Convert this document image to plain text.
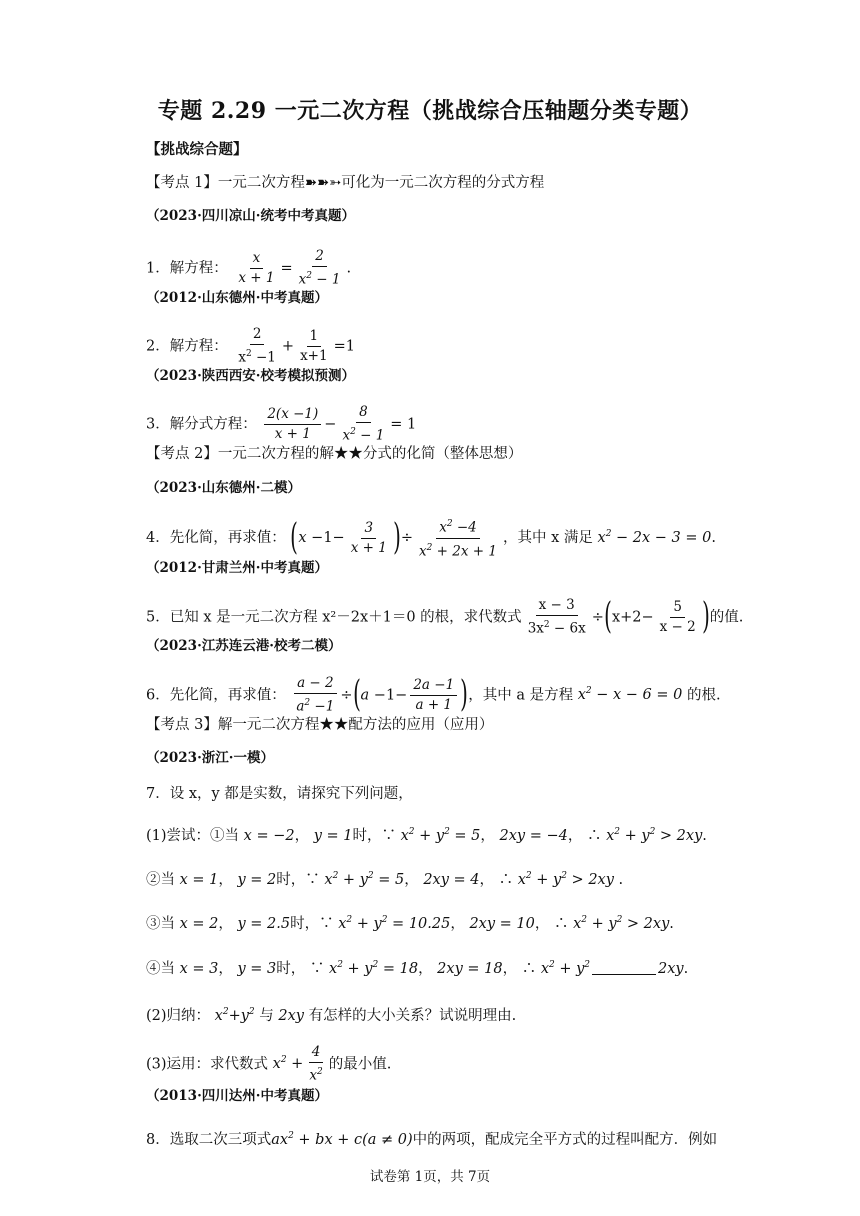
专题 2.29 一元二次方程（挑战综合压轴题分类专题）
【挑战综合题】
【考点 1】一元二次方程➽➽➳可化为一元二次方程的分式方程
（2023·四川凉山·统考中考真题）
1．解方程： $\frac{x}{x + 1} = \frac{2}{x^2 - 1}$ .
（2012·山东德州·中考真题）
2．解方程： $\frac{2}{x^2 -1} + \frac{1}{x+1} =1$
（2023·陕西西安·校考模拟预测）
3．解分式方程： $\frac{2(x -1)}{x + 1} - \frac{8}{x^2 - 1} = 1$
【考点 2】一元二次方程的解★★分式的化简（整体思想）
（2023·山东德州·二模）
4．先化简，再求值： ($x -1- \frac{3}{x + 1}$ )÷ $\frac{x^2 -4}{x^2 + 2x + 1}$ ，其中 x 满足 $x^2 - 2x - 3 = 0$.
（2012·甘肃兰州·中考真题）
5．已知 x 是一元二次方程 x²－2x＋1＝0 的根，求代数式 $\frac{x - 3}{3x^2 - 6x} \div(x+2- \frac{5}{x - 2}$ )的值.
（2023·江苏连云港·校考二模）
6．先化简，再求值： $\frac{a - 2}{a^2 -1} \div(a -1- \frac{2a -1}{a + 1}$ )，其中 a 是方程 $x^2 - x - 6 = 0$ 的根.
【考点 3】解一元二次方程★★配方法的应用（应用）
（2023·浙江·一模）
7．设 x，y 都是实数，请探究下列问题，
(1)尝试：①当 x = −2， y = 1时，∵ $x^2 + y^2 = 5$， 2xy = −4， ∴ $x^2 + y^2 > 2xy$.
②当 x = 1， y = 2时，∵ $x^2 + y^2 = 5$， 2xy = 4， ∴ $x^2 + y^2 > 2xy$ .
③当 x = 2， y = 2.5时，∵ $x^2 + y^2 = 10.25$， 2xy = 10， ∴ $x^2 + y^2 > 2xy$.
④当 x = 3， y = 3时， ∵ $x^2 + y^2 = 18$， 2xy = 18， ∴ $x^2 + y^2$	2xy.
(2)归纳： $x^2+y^2$ 与 2xy 有怎样的大小关系？试说明理由.
(3)运用：求代数式 $x^2 + \frac{4}{x^2}$ 的最小值.
（2013·四川达州·中考真题）
8．选取二次三项式$ax^2$ + bx + c(a ≠ 0)中的两项，配成完全平方式的过程叫配方．例如
试卷第 1页，共 7页
